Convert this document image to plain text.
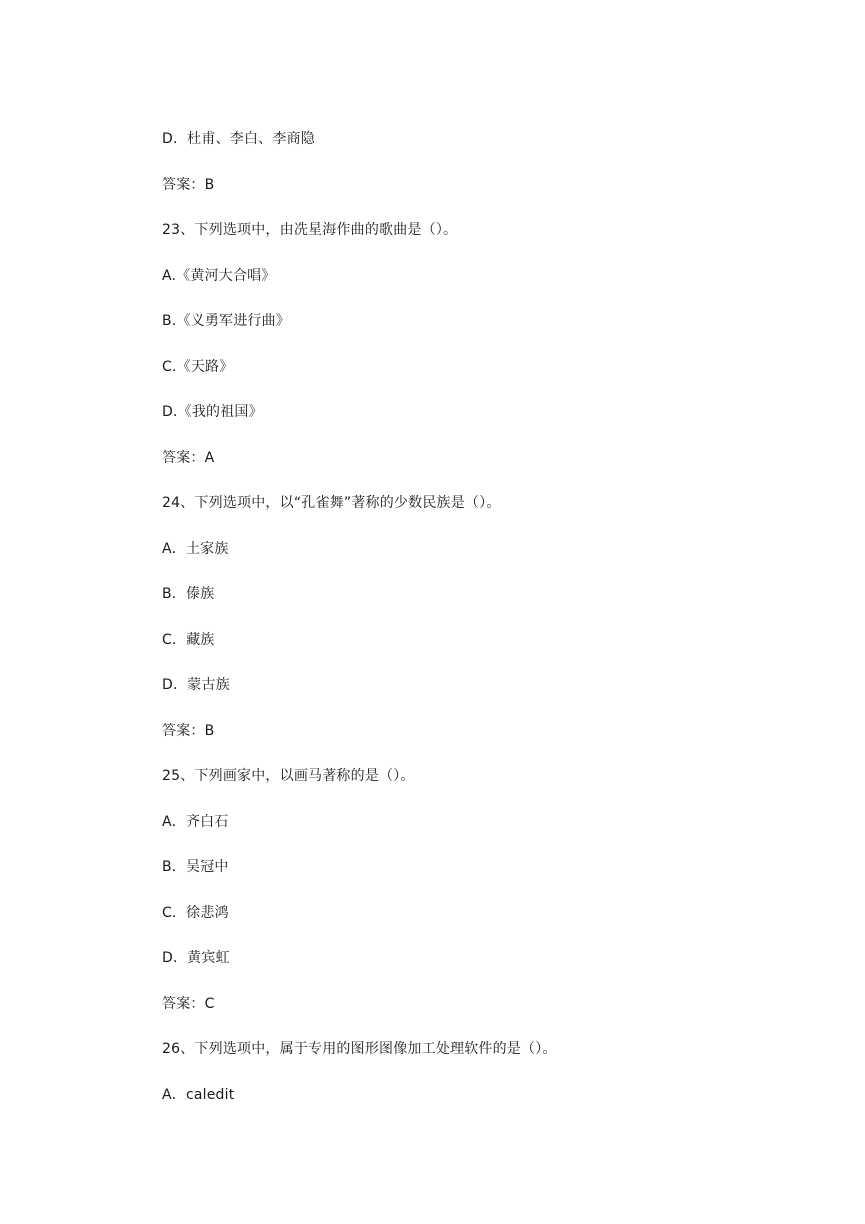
D．杜甫、李白、李商隐
答案：B
23、下列选项中，由冼星海作曲的歌曲是（）。
A.《黄河大合唱》
B.《义勇军进行曲》
C.《天路》
D.《我的祖国》
答案：A
24、下列选项中，以“孔雀舞”著称的少数民族是（）。
A．土家族
B．傣族
C．藏族
D．蒙古族
答案：B
25、下列画家中，以画马著称的是（）。
A．齐白石
B．吴冠中
C．徐悲鸿
D．黄宾虹
答案：C
26、下列选项中，属于专用的图形图像加工处理软件的是（）。
A．caledit
